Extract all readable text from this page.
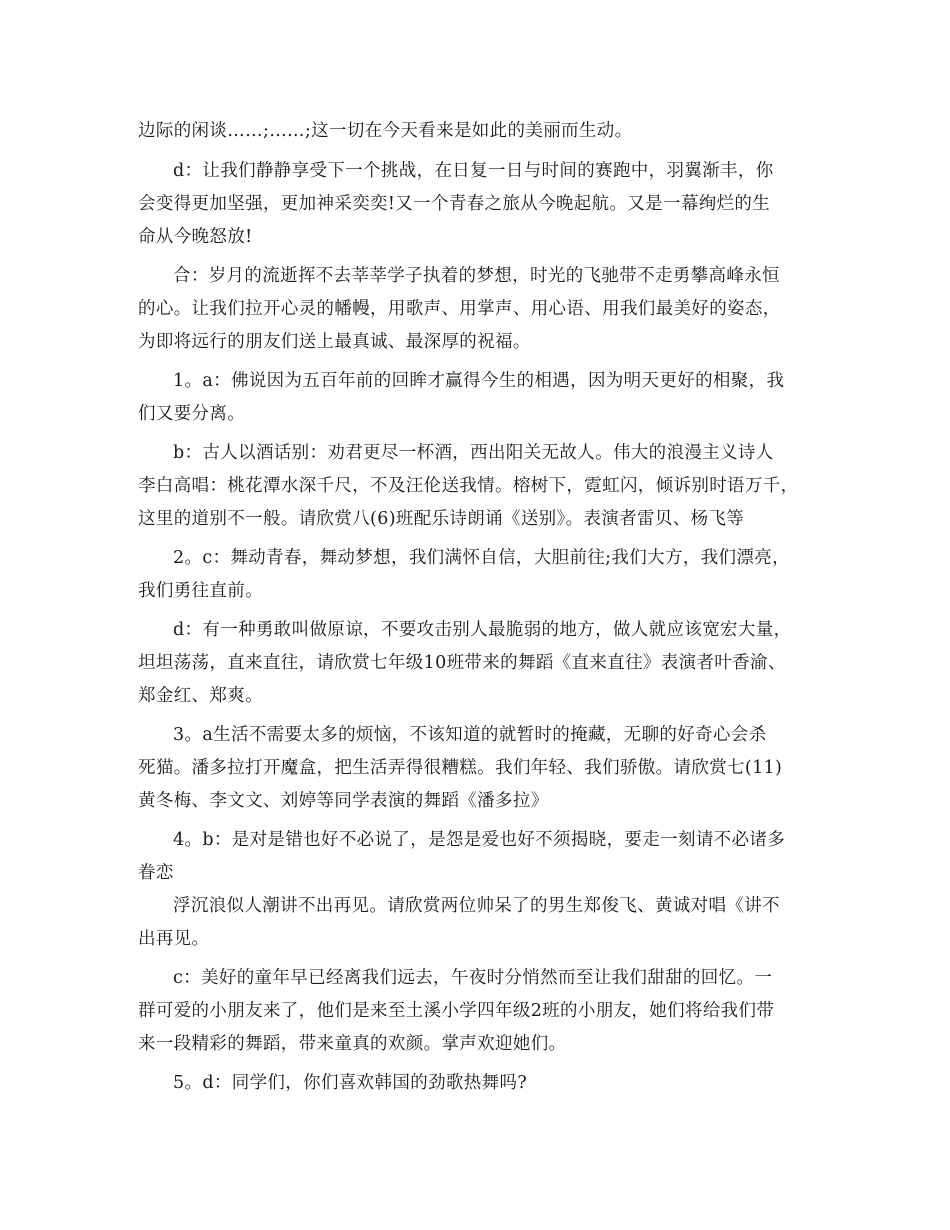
边际的闲谈……;……;这一切在今天看来是如此的美丽而生动。
d：让我们静静享受下一个挑战，在日复一日与时间的赛跑中，羽翼渐丰，你
会变得更加坚强，更加神采奕奕!又一个青春之旅从今晚起航。又是一幕绚烂的生
命从今晚怒放!
合：岁月的流逝挥不去莘莘学子执着的梦想，时光的飞驰带不走勇攀高峰永恒
的心。让我们拉开心灵的幡幔，用歌声、用掌声、用心语、用我们最美好的姿态，
为即将远行的朋友们送上最真诚、最深厚的祝福。
1。a：佛说因为五百年前的回眸才赢得今生的相遇，因为明天更好的相聚，我
们又要分离。
b：古人以酒话别：劝君更尽一杯酒，西出阳关无故人。伟大的浪漫主义诗人
李白高唱：桃花潭水深千尺，不及汪伦送我情。榕树下，霓虹闪，倾诉别时语万千，
这里的道别不一般。请欣赏八(6)班配乐诗朗诵《送别》。表演者雷贝、杨飞等
2。c：舞动青春，舞动梦想，我们满怀自信，大胆前往;我们大方，我们漂亮，
我们勇往直前。
d：有一种勇敢叫做原谅，不要攻击别人最脆弱的地方，做人就应该宽宏大量，
坦坦荡荡，直来直往，请欣赏七年级10班带来的舞蹈《直来直往》表演者叶香渝、
郑金红、郑爽。
3。a生活不需要太多的烦恼，不该知道的就暂时的掩藏，无聊的好奇心会杀
死猫。潘多拉打开魔盒，把生活弄得很糟糕。我们年轻、我们骄傲。请欣赏七(11)
黄冬梅、李文文、刘婷等同学表演的舞蹈《潘多拉》
4。b：是对是错也好不必说了，是怨是爱也好不须揭晓，要走一刻请不必诸多
眷恋
浮沉浪似人潮讲不出再见。请欣赏两位帅呆了的男生郑俊飞、黄诚对唱《讲不
出再见。
c：美好的童年早已经离我们远去，午夜时分悄然而至让我们甜甜的回忆。一
群可爱的小朋友来了，他们是来至土溪小学四年级2班的小朋友，她们将给我们带
来一段精彩的舞蹈，带来童真的欢颜。掌声欢迎她们。
5。d：同学们，你们喜欢韩国的劲歌热舞吗?
